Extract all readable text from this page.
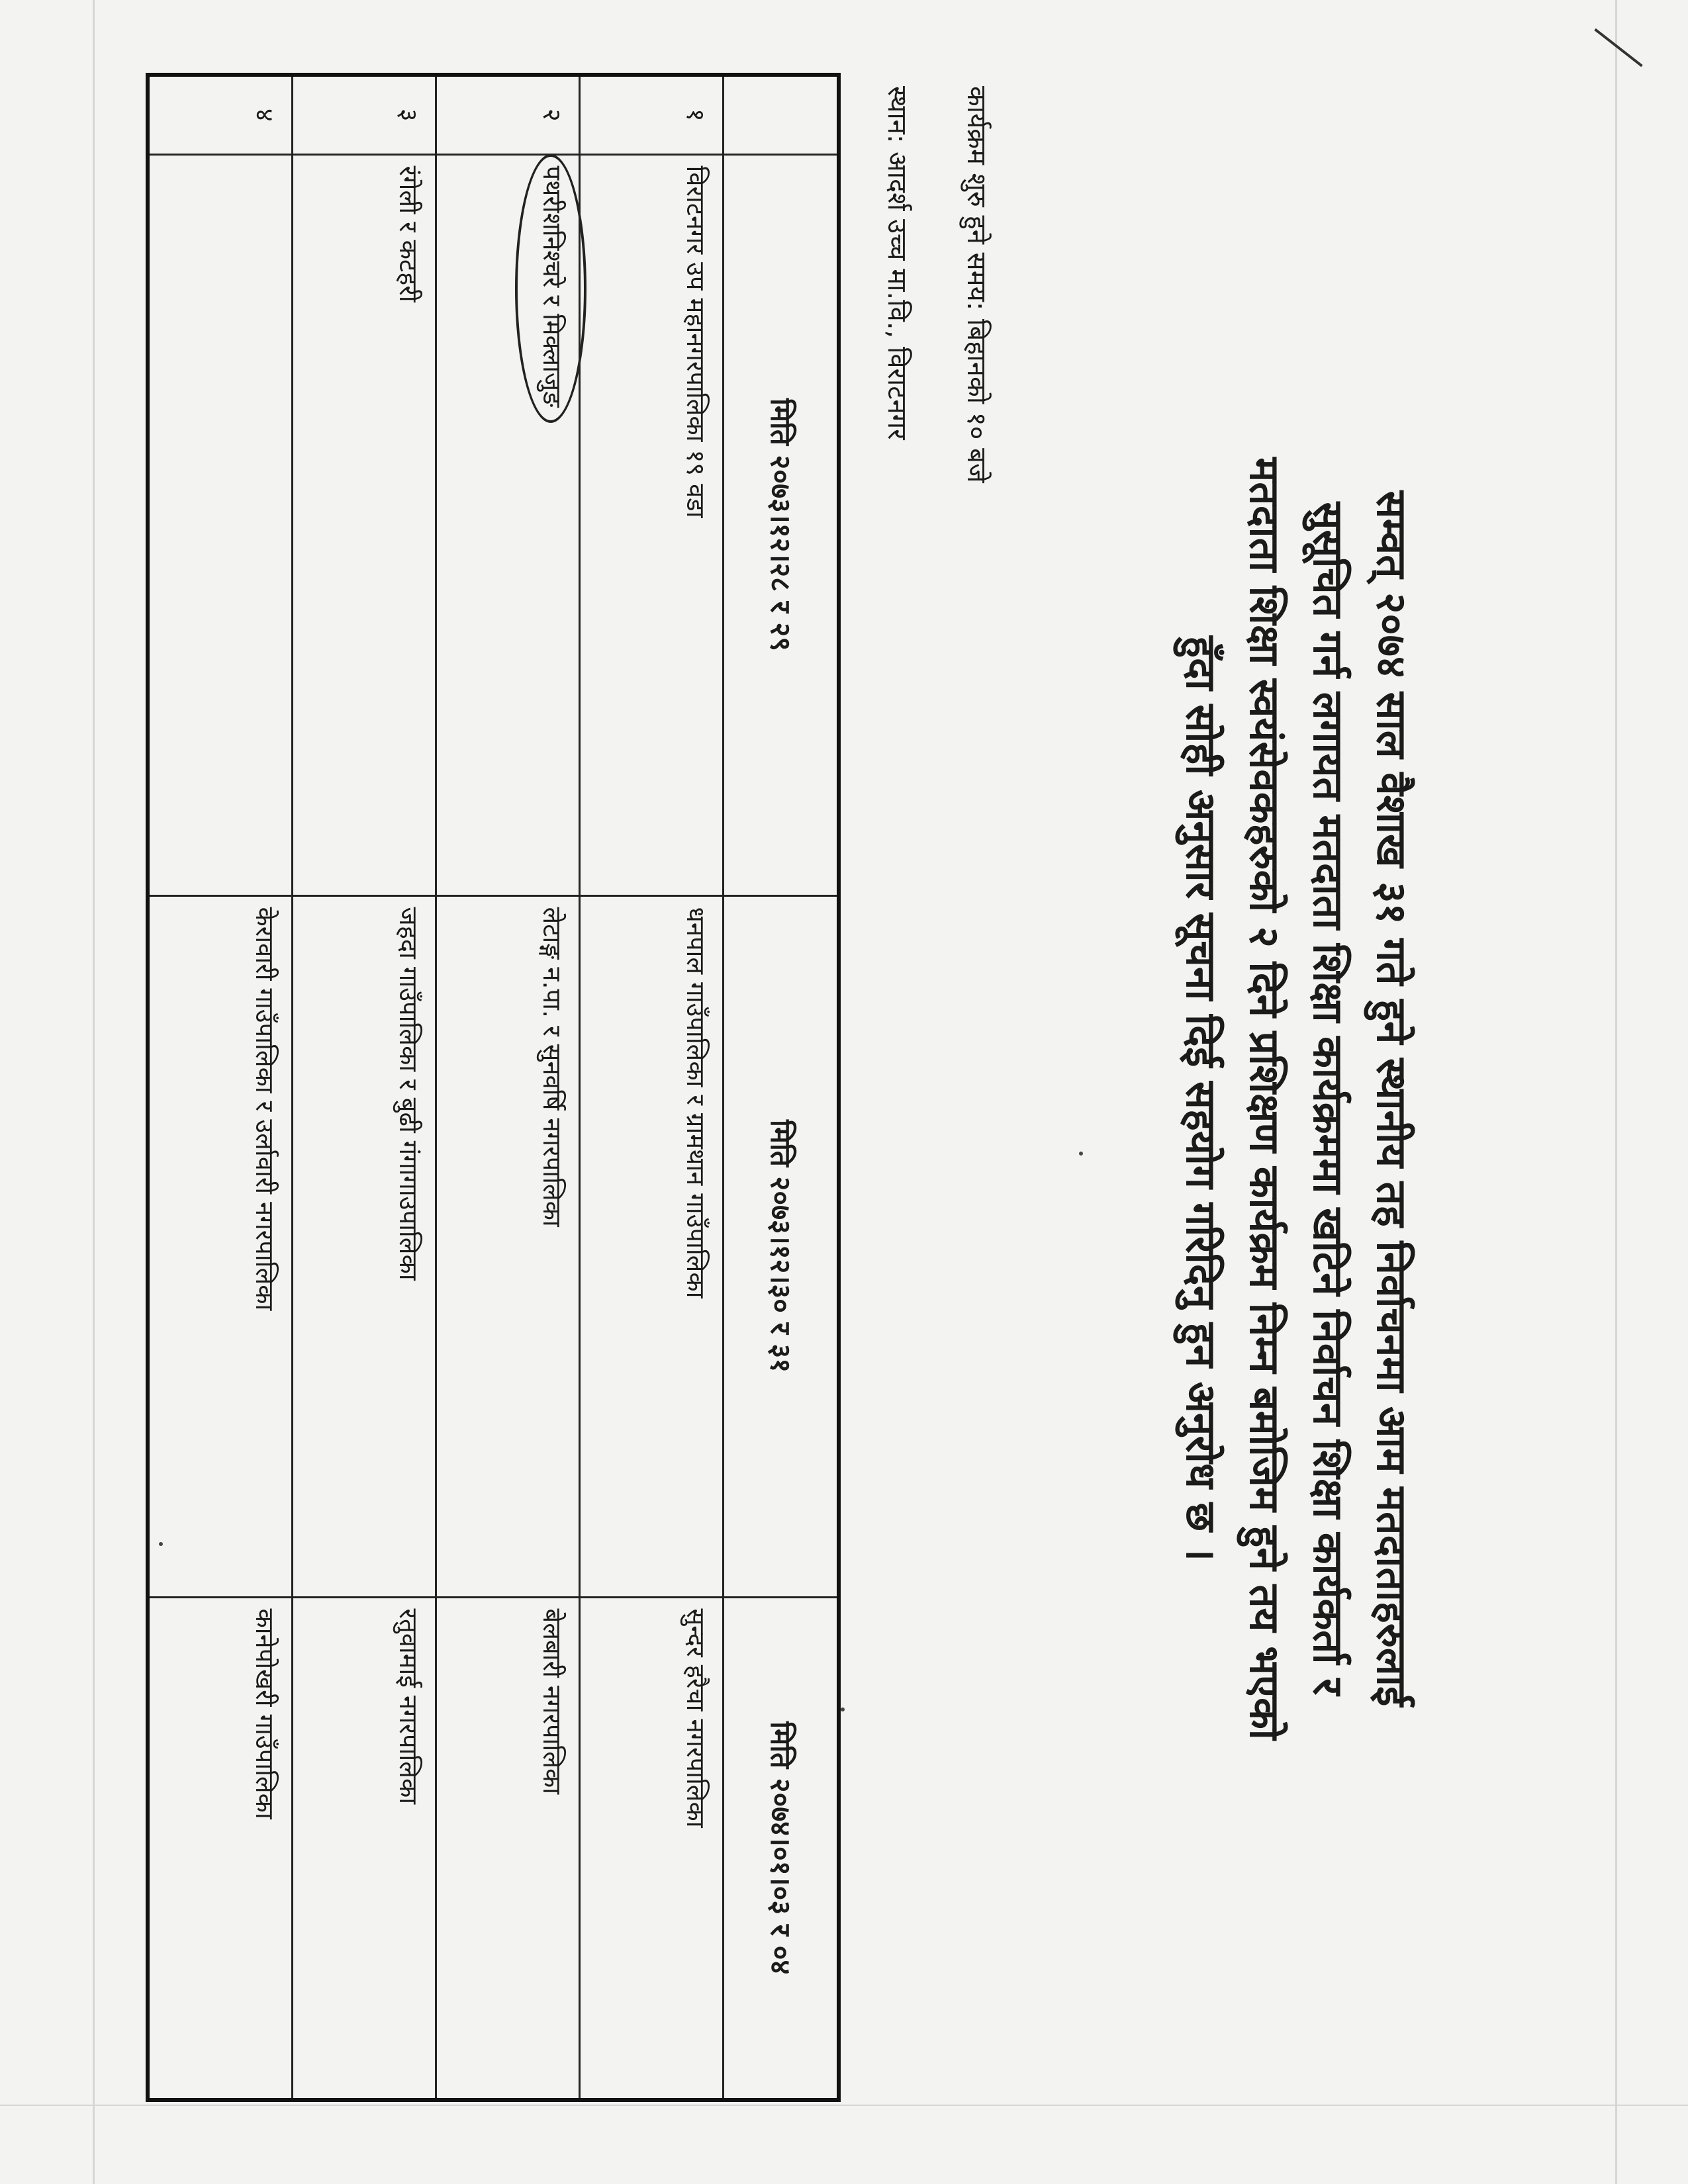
सम्वत् २०७४ साल वैशाख ३१ गते हुने स्थानीय तह निर्वाचनमा आम मतदाताहरुलाई

सुसूचित गर्न लगायत मतदाता शिक्षा कार्यक्रममा खटिने निर्वाचन शिक्षा कार्यकर्ता र

मतदाता शिक्षा स्वयंसेवकहरुको २ दिने प्रशिक्षण कार्यक्रम निम्न बमोजिम हुने तय भएको

हुँदा सोही अनुसार सूचना दिई सहयोग गरिदिनु हुन अनुरोध छ ।

कार्यक्रम शुरु हुने समय: बिहानको १० बजे
स्थान: आदर्श उच्च मा.वि., विराटनगर
	मिति २०७३।१२।२८ र २९	मिति २०७३।१२।३० र ३१	मिति २०७४।०१।०३ र ०४
१	विराटनगर उप महानगरपालिका १९ वडा	धनपाल गाउँपालिका र ग्रामथान गाउँपालिका	सुन्दर हरैचा नगरपालिका
२	पथरीशनिश्चरे र मिक्लाजुङ	लेटाङ्ग न.पा. र सुनवर्षि नगरपालिका	बेलबारी नगरपालिका
३	रंगेली र कटहरी	जहदा गाउँपालिका र बुढी गंगागाउपालिका	रतुवामाई नगरपालिका
४		केरावारी गाउँपालिका र उर्लावारी नगरपालिका	कानेपोखरी गाउँपालिका
